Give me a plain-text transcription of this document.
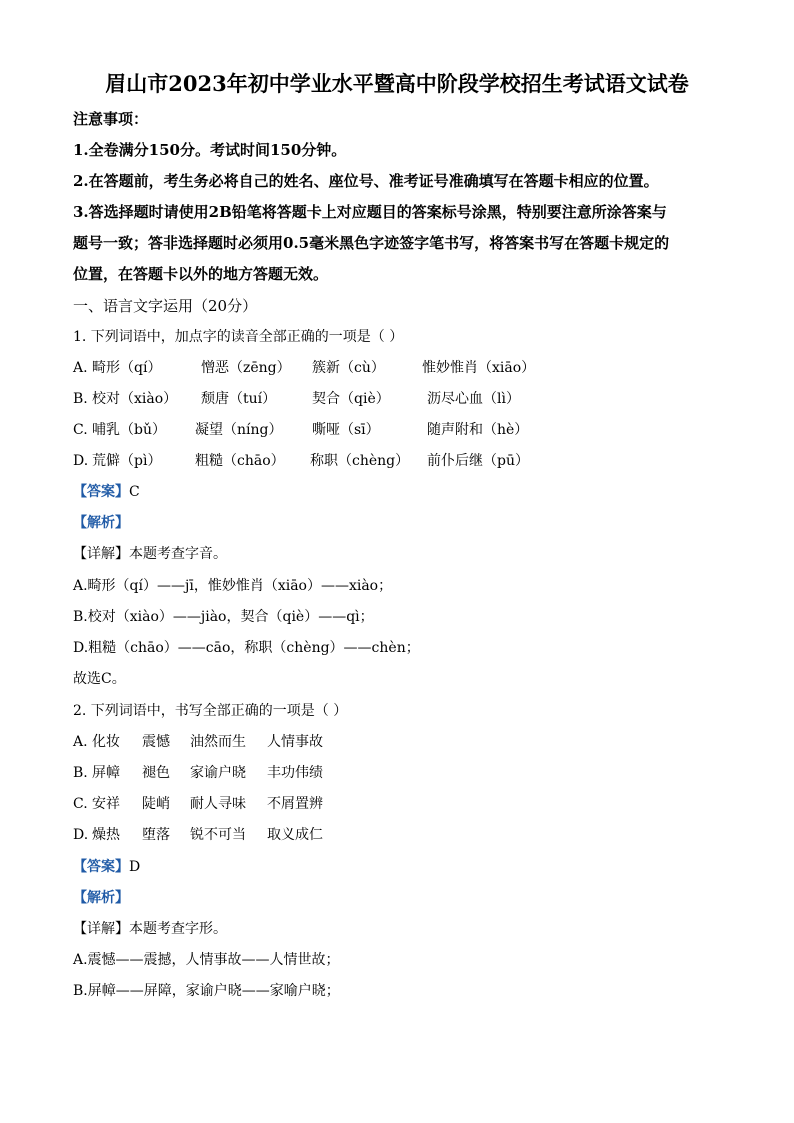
眉山市2023年初中学业水平暨高中阶段学校招生考试语文试卷
注意事项：
1.全卷满分150分。考试时间150分钟。
2.在答题前，考生务必将自己的姓名、座位号、准考证号准确填写在答题卡相应的位置。
3.答选择题时请使用2B铅笔将答题卡上对应题目的答案标号涂黑，特别要注意所涂答案与
题号一致；答非选择题时必须用0.5毫米黑色字迹签字笔书写，将答案书写在答题卡规定的
位置，在答题卡以外的地方答题无效。
一、语言文字运用（20分）
1. 下列词语中，加点字的读音全部正确的一项是（ ）
A. 畸形（qí）	憎恶（zēng） 簇新（cù）	惟妙惟肖（xiāo）
B. 校对（xiào） 颓唐（tuí）	契合（qiè）	沥尽心血（lì）
C. 哺乳（bǔ） 凝望（níng） 嘶哑（sī）	随声附和（hè）
D. 荒僻（pì） 粗糙（chāo） 称职（chèng） 前仆后继（pū）
【答案】C
【解析】
【详解】本题考查字音。
A.畸形（qí）——jī，惟妙惟肖（xiāo）——xiào；
B.校对（xiào）——jiào，契合（qiè）——qì；
D.粗糙（chāo）——cāo，称职（chèng）——chèn；
故选C。
2. 下列词语中，书写全部正确的一项是（ ）
A. 化妆 震憾 油然而生 人情事故
B. 屏幛 褪色 家谕户晓 丰功伟绩
C. 安祥 陡峭 耐人寻味 不屑置辨
D. 燥热 堕落 锐不可当 取义成仁
【答案】D
【解析】
【详解】本题考查字形。
A.震憾——震撼，人情事故——人情世故；
B.屏幛——屏障，家谕户晓——家喻户晓；
